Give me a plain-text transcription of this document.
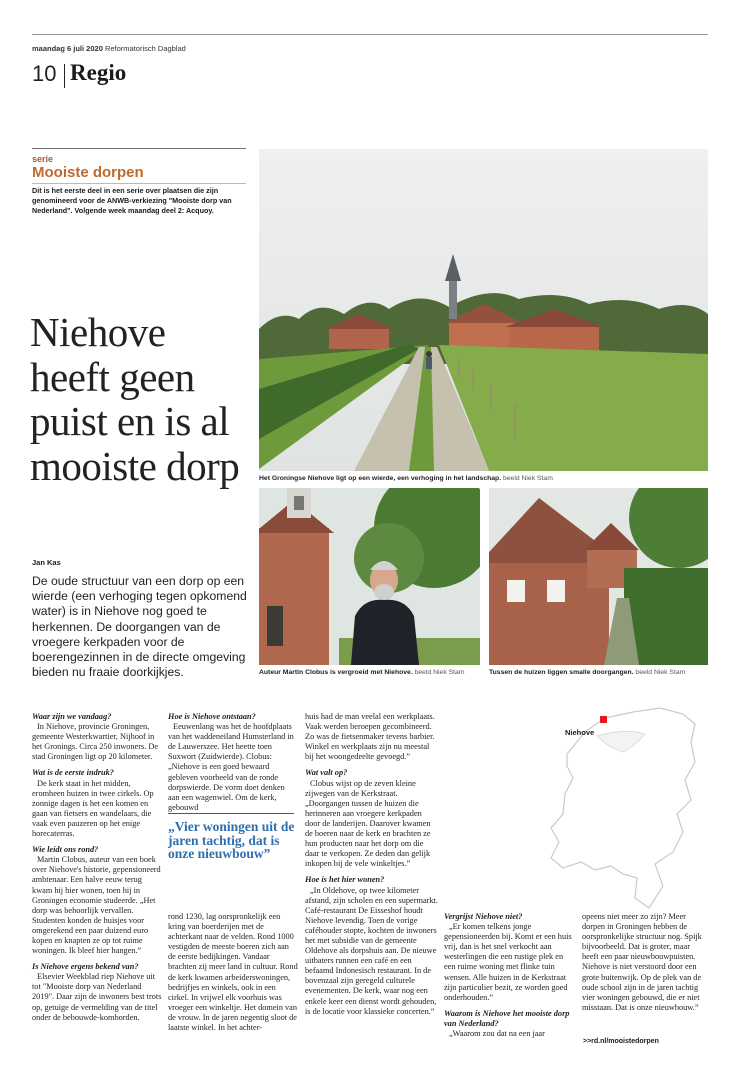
maandag 6 juli 2020 Reformatorisch Dagblad
10 Regio
serie
Mooiste dorpen
Dit is het eerste deel in een serie over plaatsen die zijn genomineerd voor de ANWB-verkiezing "Mooiste dorp van Nederland". Volgende week maandag deel 2: Acquoy.
Niehove heeft geen puist en is al mooiste dorp
Jan Kas
De oude structuur van een dorp op een wierde (een verhoging tegen opkomend water) is in Niehove nog goed te herkennen. De doorgangen van de vroegere kerkpaden voor de boerengezinnen in de directe omgeving bieden nu fraaie doorkijkjes.
Het Groningse Niehove ligt op een wierde, een verhoging in het landschap. beeld Niek Stam
Auteur Martin Clobus is vergroeid met Niehove. beeld Niek Stam	Tussen de huizen liggen smalle doorgangen. beeld Niek Stam
Niehove

Waar zijn we vandaag?

In Niehove, provincie Groningen, gemeente Westerkwartier, Nijhoof in het Gronings. Circa 250 inwoners. De stad Groningen ligt op 20 kilometer.

Wat is de eerste indruk?

De kerk staat in het midden, eromheen huizen in twee cirkels. Op zonnige dagen is het een komen en gaan van fietsers en wandelaars, die vaak even pauzeren op het enige horecaterras.

Wie leidt ons rond?

Martin Clobus, auteur van een boek over Niehove's historie, gepensioneerd ambtenaar. Een halve eeuw terug kwam hij hier wonen, toen hij in Groningen economie studeerde. „Het dorp was behoorlijk vervallen. Studenten konden de huisjes voor omgerekend een paar duizend euro kopen en knapten ze op tot ruime woningen. Ik bleef hier hangen.”

Is Niehove ergens bekend van?

Elsevier Weekblad riep Niehove uit tot "Mooiste dorp van Nederland 2019". Daar zijn de inwoners best trots op, getuige de vermelding van de titel onder de bebouwde-komborden.

Hoe is Niehove ontstaan?

Eeuwenlang was het de hoofdplaats van het waddeneiland Humsterland in de Lauwerszee. Het heette toen Suxwort (Zuidwierde). Clobus: „Niehove is een goed bewaard gebleven voorbeeld van de ronde dorpswierde. De vorm doet denken aan een wagenwiel. Om de kerk, gebouwd

„Vier woningen uit de jaren tachtig, dat is onze nieuwbouw”

rond 1230, lag oorspronkelijk een kring van boerderijen met de achterkant naar de velden. Rond 1000 vestigden de meeste boeren zich aan de eerste bedijkingen. Vandaar brachten zij meer land in cultuur. Rond de kerk kwamen arbeiderswoningen, bedrijfjes en winkels, ook in een cirkel. In vrijwel elk voorhuis was vroeger een winkeltje. Het domein van de vrouw. In de jaren negentig sloot de laatste winkel. In het achter-

huis had de man veelal een werkplaats. Vaak werden beroepen gecombineerd. Zo was de fietsenmaker tevens barbier. Winkel en werkplaats zijn nu meestal bij het woongedeelte gevoegd.”

Wat valt op?

Clobus wijst op de zeven kleine zijwegen van de Kerkstraat. „Doorgangen tussen de huizen die herinneren aan vroegere kerkpaden door de landerijen. Daarover kwamen de boeren naar de kerk en brachten ze hun producten naar het dorp om die daar te verkopen. Ze deden dan gelijk inkopen bij de vele winkeltjes.”

Hoe is het hier wonen?

„In Oldehove, op twee kilometer afstand, zijn scholen en een supermarkt. Café-restaurant De Eisseshof houdt Niehove levendig. Toen de vorige caféhouder stopte, kochten de inwoners het met subsidie van de gemeente Oldehove als dorpshuis aan. De nieuwe uitbaters runnen een café en een befaamd Indonesisch restaurant. In de bovenzaal zijn geregeld culturele evenementen. De kerk, waar nog een enkele keer een dienst wordt gehouden, is de locatie voor klassieke concerten.”

Vergrijst Niehove niet?

„Er komen telkens jonge gepensioneerden bij. Komt er een huis vrij, dan is het snel verkocht aan westerlingen die een rustige plek en een ruime woning met flinke tuin wensen. Alle huizen in de Kerkstraat zijn particulier bezit, ze worden goed onderhouden.”

Waarom is Niehove het mooiste dorp van Nederland?

„Waarom zou dat na een jaar

opeens niet meer zo zijn? Meer dorpen in Groningen hebben de oorspronkelijke structuur nog. Spijk bijvoorbeeld. Dat is groter, maar heeft een paar nieuwbouwpuisten. Niehove is niet verstoord door een grote buitenwijk. Op de plek van de oude school zijn in de jaren tachtig vier woningen gebouwd, die er niet misstaan. Dat is onze nieuwbouw.”

>>rd.nl/mooistedorpen
